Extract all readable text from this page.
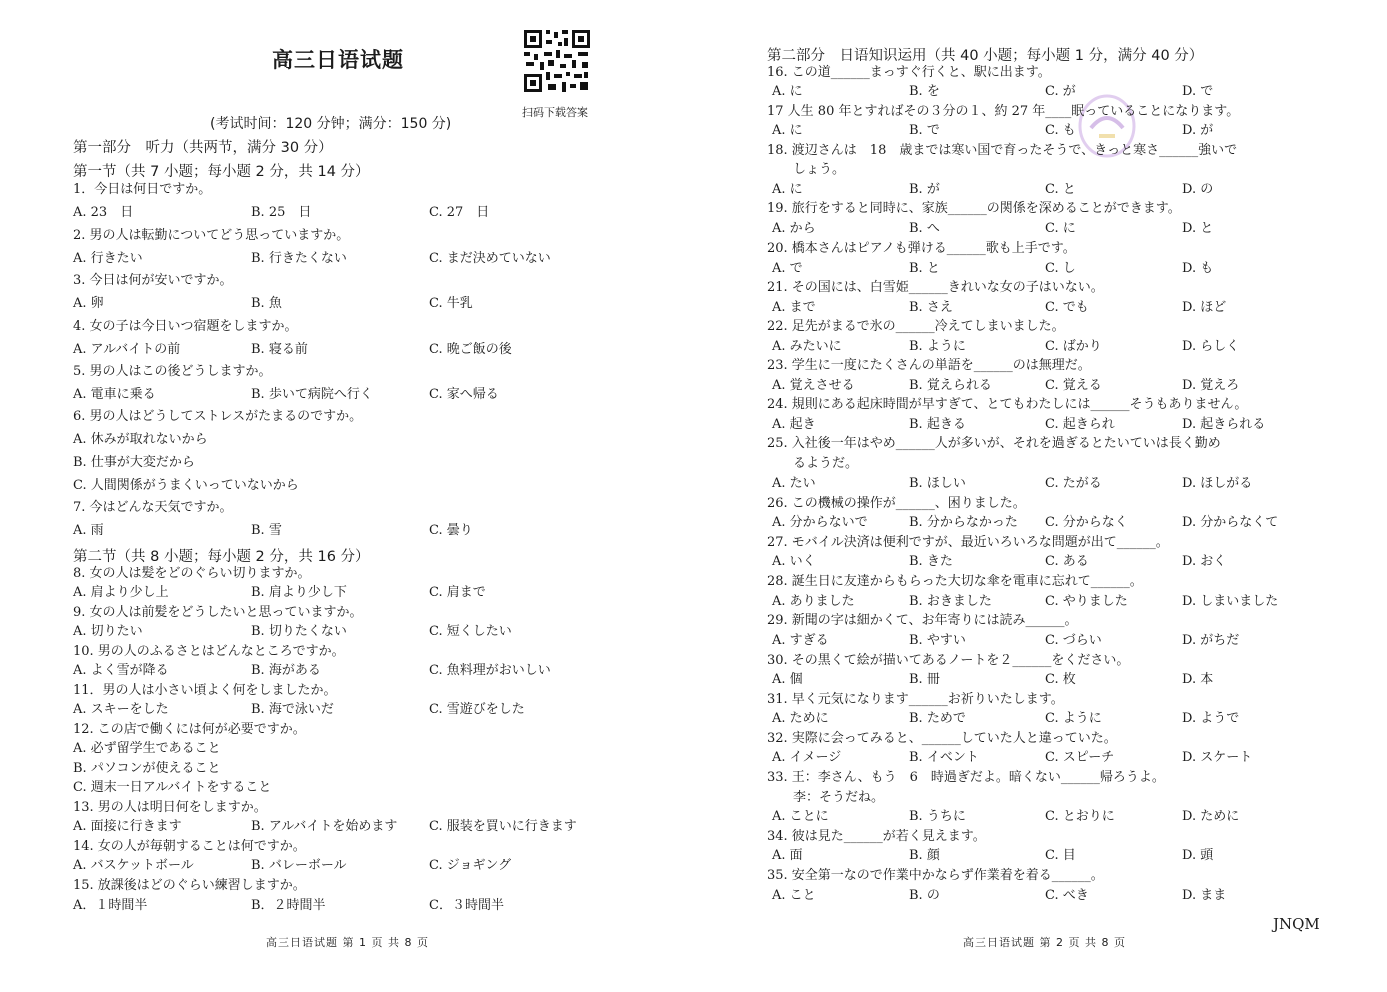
高三日语试题
扫码下载答案
(考试时间：120 分钟；满分：150 分)
第一部分　听力（共两节，满分 30 分）
第一节（共 7 小题；每小题 2 分，共 14 分）
1．今日は何日ですか。
A. 23　日	B. 25　日	C. 27　日
2. 男の人は転勤についてどう思っていますか。
A. 行きたい	B. 行きたくない	C. まだ決めていない
3. 今日は何が安いですか。
A. 卵	B. 魚	C. 牛乳
4. 女の子は今日いつ宿題をしますか。
A. アルバイトの前	B. 寝る前	C. 晩ご飯の後
5. 男の人はこの後どうしますか。
A. 電車に乗る	B. 歩いて病院へ行く	C. 家へ帰る
6. 男の人はどうしてストレスがたまるのですか。
A. 休みが取れないから
B. 仕事が大変だから
C. 人間関係がうまくいっていないから
7. 今はどんな天気ですか。
A. 雨	B. 雪	C. 曇り
8. 女の人は髪をどのぐらい切りますか。
A. 肩より少し上	B. 肩より少し下	C. 肩まで
9. 女の人は前髪をどうしたいと思っていますか。
A. 切りたい	B. 切りたくない	C. 短くしたい
10. 男の人のふるさとはどんなところですか。
A. よく雪が降る	B. 海がある	C. 魚料理がおいしい
11．男の人は小さい頃よく何をしましたか。
A. スキーをした	B. 海で泳いだ	C. 雪遊びをした
12. この店で働くには何が必要ですか。
A. 必ず留学生であること
B. パソコンが使えること
C. 週末一日アルバイトをすること
13. 男の人は明日何をしますか。
A. 面接に行きます	B. アルバイトを始めます C. 服装を買いに行きます
14. 女の人が毎朝することは何ですか。
A. バスケットボール	B. バレーボール	C. ジョギング
15. 放課後はどのぐらい練習しますか。
A．１時間半	B．２時間半	C．３時間半
第二节（共 8 小题；每小题 2 分，共 16 分）
高三日语试题 第 1 页 共 8 页
第二部分　日语知识运用（共 40 小题；每小题 1 分，满分 40 分）
16. この道______まっすぐ行くと、駅に出ます。
A. に	B. を	C. が	D. で
17 人生 80 年とすればその３分の１、約 27 年____眠っていることになります。
A. に	B. で	C. も	D. が
18. 渡辺さんは　18　歳までは寒い国で育ったそうで、きっと寒さ______強いで
しょう。
A. に	B. が	C. と	D. の
19. 旅行をすると同時に、家族______の関係を深めることができます。
A. から	B. へ	C. に	D. と
20. 橋本さんはピアノも弾ける______歌も上手です。
A. で	B. と	C. し	D. も
21. その国には、白雪姫______きれいな女の子はいない。
A. まで	B. さえ	C. でも	D. ほど
22. 足先がまるで氷の______冷えてしまいました。
A. みたいに	B. ように	C. ばかり	D. らしく
23. 学生に一度にたくさんの単語を______のは無理だ。
A. 覚えさせる	B. 覚えられる	C. 覚える	D. 覚えろ
24. 規則にある起床時間が早すぎて、とてもわたしには______そうもありません。
A. 起き	B. 起きる	C. 起きられ	D. 起きられる
25. 入社後一年はやめ______人が多いが、それを過ぎるとたいていは長く勤め
るようだ。
A. たい	B. ほしい	C. たがる	D. ほしがる
26. この機械の操作が______、困りました。
A. 分からないで	B. 分からなかった C. 分からなく	D. 分からなくて
27. モバイル決済は便利ですが、最近いろいろな問題が出て______。
A. いく	B. きた	C. ある	D. おく
28. 誕生日に友達からもらった大切な傘を電車に忘れて______。
A. ありました	B. おきました	C. やりました	D. しまいました
29. 新聞の字は細かくて、お年寄りには読み______。
A. すぎる	B. やすい	C. づらい	D. がちだ
30. その黒くて絵が描いてあるノートを２______をください。
A. 個	B. 冊	C. 枚	D. 本
31. 早く元気になります______お祈りいたします。
A. ために	B. ためで	C. ように	D. ようで
32. 実際に会ってみると、______していた人と違っていた。
A. イメージ	B. イベント	C. スピーチ	D. スケート
33. 王：李さん、もう　6　時過ぎだよ。暗くない______帰ろうよ。
李：そうだね。
A. ことに	B. うちに	C. とおりに	D. ために
34. 彼は見た______が若く見えます。
A. 面	B. 顔	C. 目	D. 頭
35. 安全第一なので作業中かならず作業着を着る______。
A. こと	B. の	C. べき	D. まま
高三日语试题 第 2 页 共 8 页
JNQM
